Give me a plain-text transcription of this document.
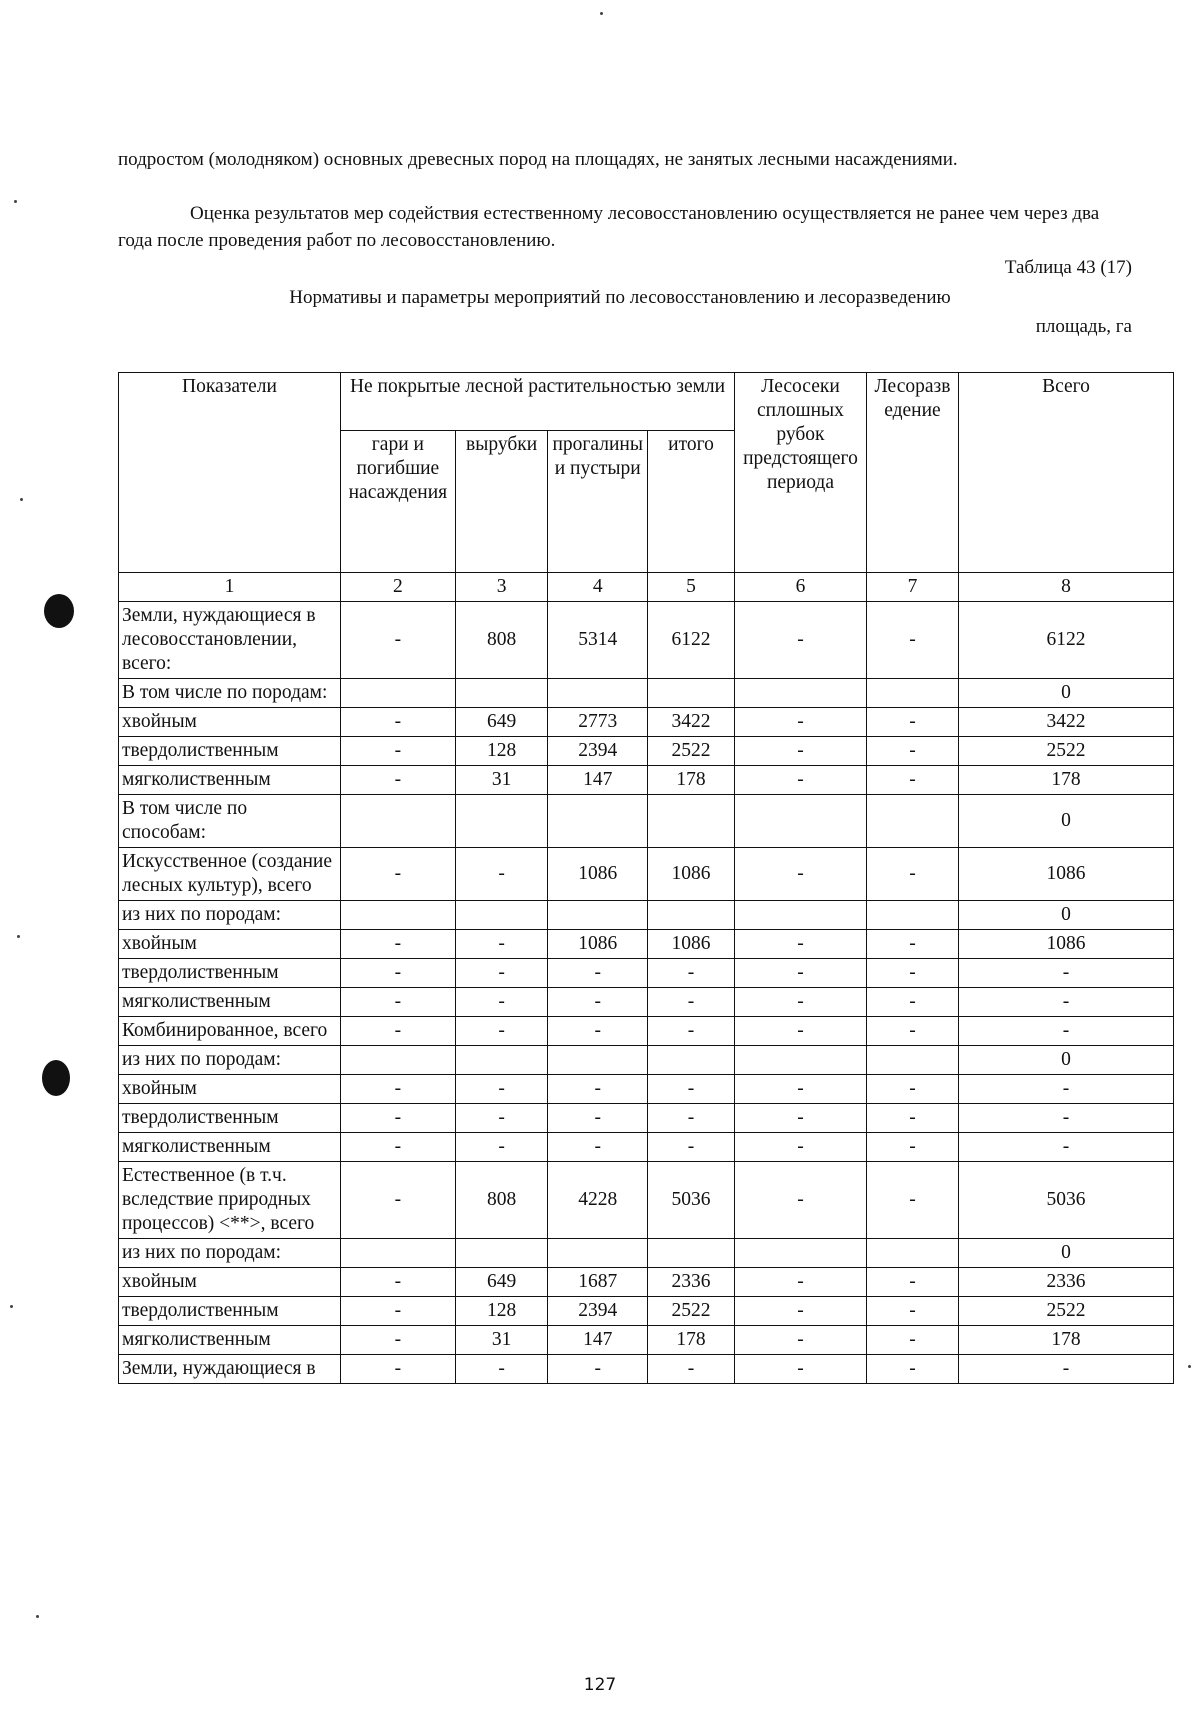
подростом (молодняком) основных древесных пород на площадях, не занятых лесными насаждениями.
Оценка результатов мер содействия естественному лесовосстановлению осуществляется не ранее чем через два года после проведения работ по лесовосстановлению.
Таблица 43 (17)
Нормативы и параметры мероприятий по лесовосстановлению и лесоразведению
площадь, га
Показатели	Не покрытые лесной растительностью земли				Лесосеки сплошных рубок предстоящего периода	Лесоразведение	Всего
	гари и погибшие насаждения	вырубки	прогалины и пустыри	итого			
1	2	3	4	5	6	7	8
Земли, нуждающиеся в лесовосстановлении, всего:	-	808	5314	6122	-	-	6122
В том числе по породам:							0
хвойным	-	649	2773	3422	-	-	3422
твердолиственным	-	128	2394	2522	-	-	2522
мягколиственным	-	31	147	178	-	-	178
В том числе по способам:							0
Искусственное (создание лесных культур), всего	-	-	1086	1086	-	-	1086
из них по породам:							0
хвойным	-	-	1086	1086	-	-	1086
твердолиственным	-	-	-	-	-	-	-
мягколиственным	-	-	-	-	-	-	-
Комбинированное, всего	-	-	-	-	-	-	-
из них по породам:							0
хвойным	-	-	-	-	-	-	-
твердолиственным	-	-	-	-	-	-	-
мягколиственным	-	-	-	-	-	-	-
Естественное (в т.ч. вследствие природных процессов) <**>, всего	-	808	4228	5036	-	-	5036
из них по породам:							0
хвойным	-	649	1687	2336	-	-	2336
твердолиственным	-	128	2394	2522	-	-	2522
мягколиственным	-	31	147	178	-	-	178
Земли, нуждающиеся в	-	-	-	-	-	-	-
127
